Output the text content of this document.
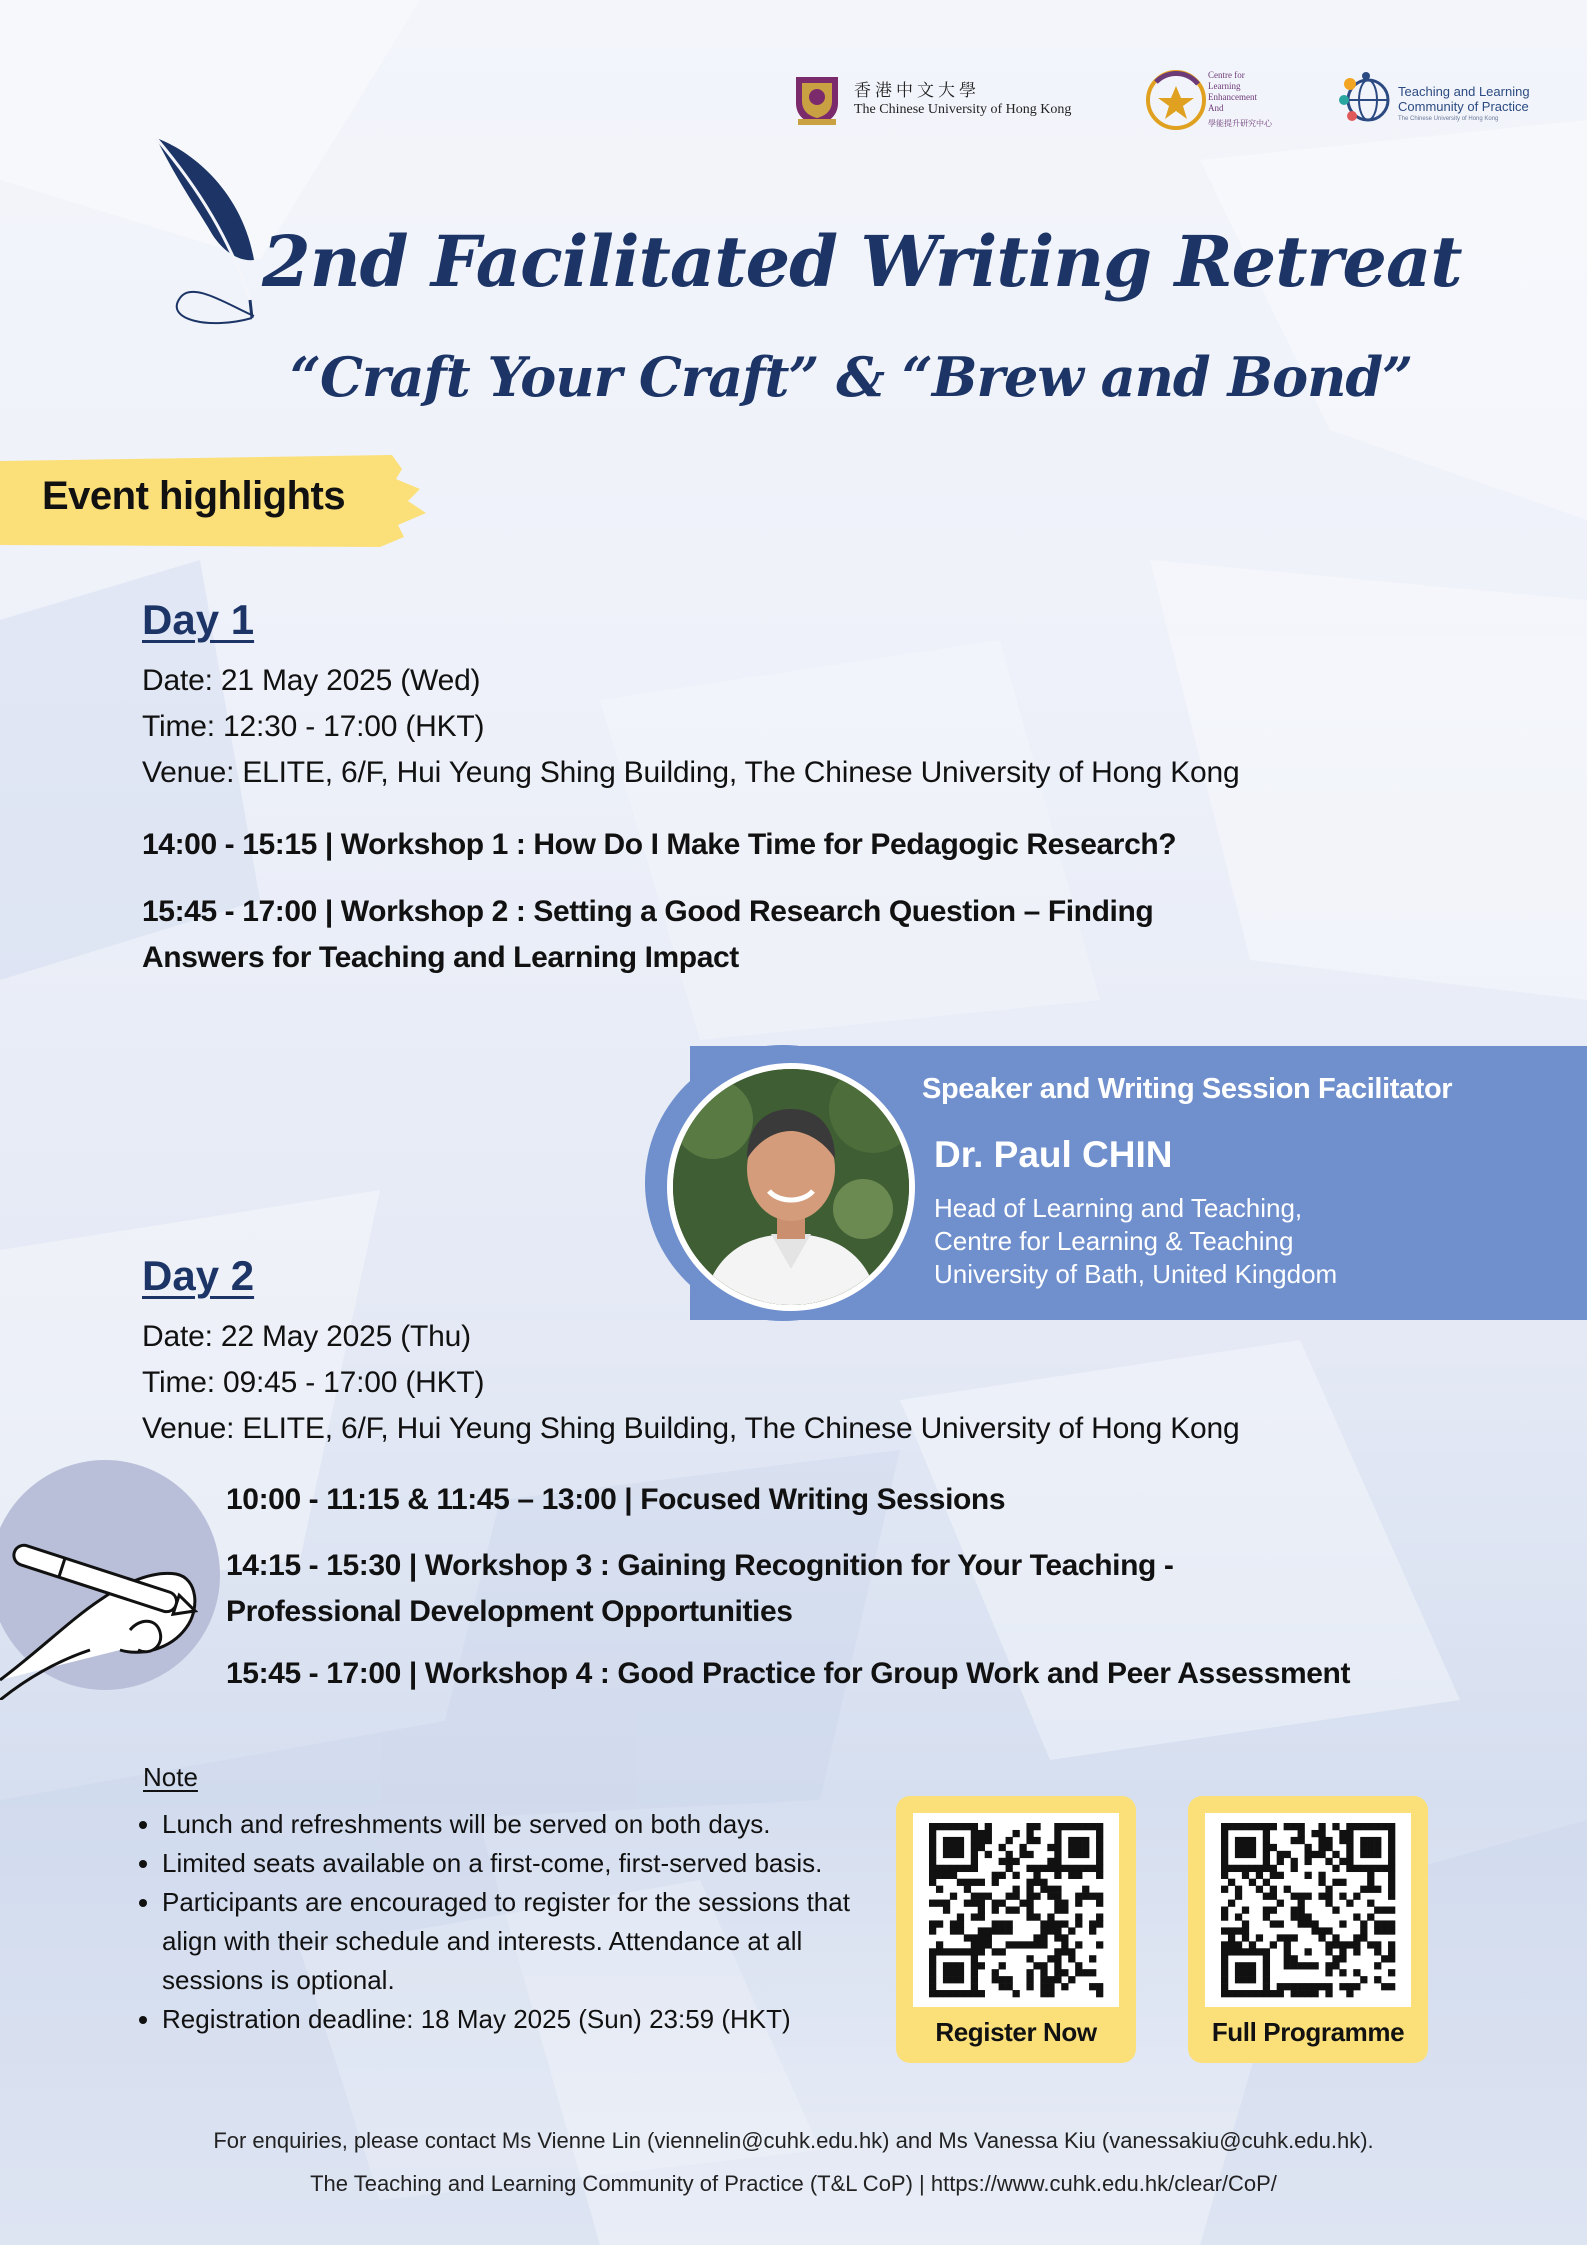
香港中文大學
The Chinese University of Hong Kong
Centre for
Learning
Enhancement
And
學能提升研究中心
Teaching and Learning
Community of Practice
The Chinese University of Hong Kong
2nd Facilitated Writing Retreat
“Craft Your Craft” & “Brew and Bond”
Event highlights
Day 1
Date: 21 May 2025 (Wed)
Time: 12:30 - 17:00 (HKT)
Venue: ELITE, 6/F, Hui Yeung Shing Building, The Chinese University of Hong Kong
14:00 - 15:15 | Workshop 1 : How Do I Make Time for Pedagogic Research?
15:45 - 17:00 | Workshop 2 : Setting a Good Research Question – Finding
Answers for Teaching and Learning Impact
Speaker and Writing Session Facilitator
Dr. Paul CHIN
Head of Learning and Teaching,
Centre for Learning & Teaching
University of Bath, United Kingdom
Day 2
Date: 22 May 2025 (Thu)
Time: 09:45 - 17:00 (HKT)
Venue: ELITE, 6/F, Hui Yeung Shing Building, The Chinese University of Hong Kong
10:00 - 11:15 & 11:45 – 13:00 | Focused Writing Sessions
14:15 - 15:30 | Workshop 3 : Gaining Recognition for Your Teaching -
Professional Development Opportunities
15:45 - 17:00 | Workshop 4 : Good Practice for Group Work and Peer Assessment
Note
• Lunch and refreshments will be served on both days.
• Limited seats available on a first-come, first-served basis.
• Participants are encouraged to register for the sessions that align with their schedule and interests. Attendance at all sessions is optional.
• Registration deadline: 18 May 2025 (Sun) 23:59 (HKT)	Register Now	Full Programme
For enquiries, please contact Ms Vienne Lin (viennelin@cuhk.edu.hk) and Ms Vanessa Kiu (vanessakiu@cuhk.edu.hk).
The Teaching and Learning Community of Practice (T&L CoP) | https://www.cuhk.edu.hk/clear/CoP/
